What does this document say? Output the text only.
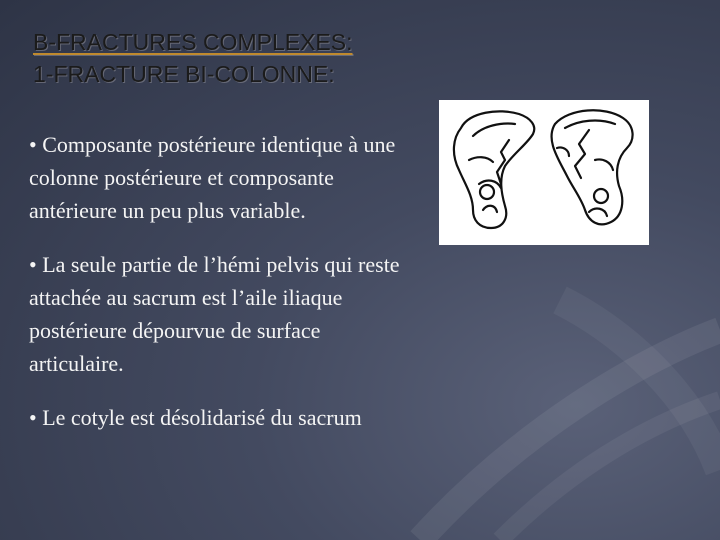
B-FRACTURES COMPLEXES:
1-FRACTURE BI-COLONNE:

• Composante postérieure identique à une colonne postérieure et composante antérieure un peu plus variable.

• La seule partie de l’hémi pelvis qui reste attachée au sacrum est l’aile iliaque postérieure dépourvue de surface articulaire.

• Le cotyle est désolidarisé du sacrum
